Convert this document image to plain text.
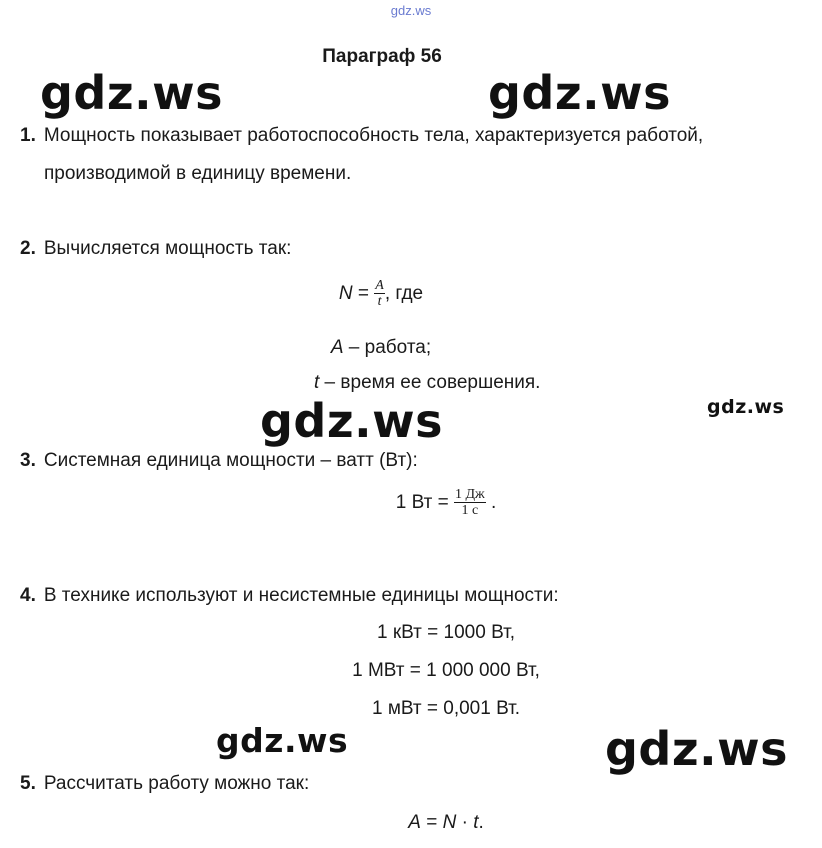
gdz.ws
gdz.ws	gdz.ws
gdz.ws	gdz.ws
gdz.ws	gdz.ws
Параграф 56
1. Мощность показывает работоспособность тела, характеризуется работой,
производимой в единицу времени.
2. Вычисляется мощность так:
$N = \frac{A}{t}$ , где
A – работа;
t – время ее совершения.
3. Системная единица мощности – ватт (Вт):
1 Вт = $\frac{1 Дж}{1 с}$ .
4. В технике используют и несистемные единицы мощности:
1 кВт = 1000 Вт,
1 МВт = 1 000 000 Вт,
1 мВт = 0,001 Вт.
5. Рассчитать работу можно так:
A = N · t.
